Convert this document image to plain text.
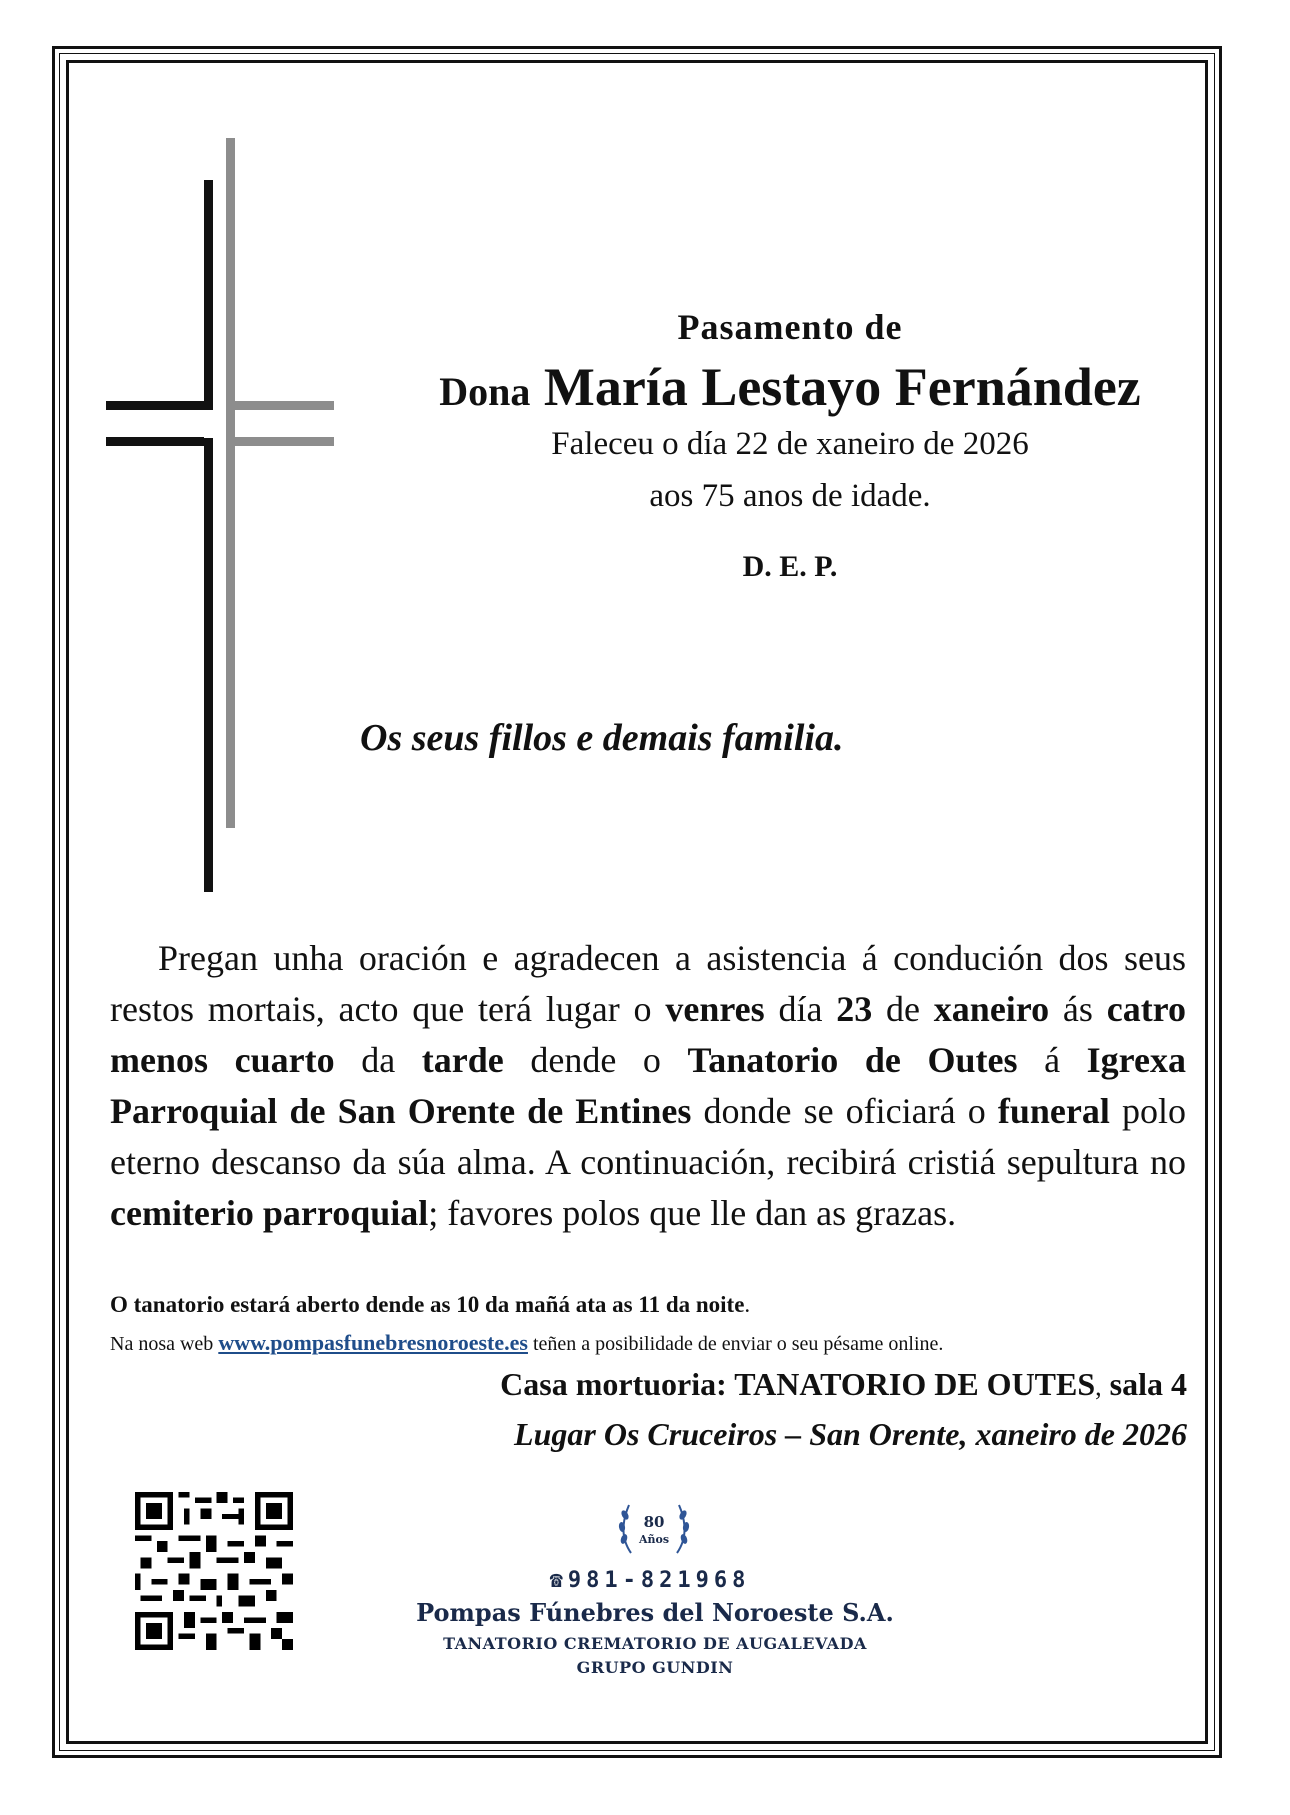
Pasamento de
Dona María Lestayo Fernández
Faleceu o día 22 de xaneiro de 2026
aos 75 anos de idade.
D. E. P.
Os seus fillos e demais familia.
Pregan unha oración e agradecen a asistencia á condución dos seus restos mortais, acto que terá lugar o venres día 23 de xaneiro ás catro menos cuarto da tarde dende o Tanatorio de Outes á Igrexa Parroquial de San Orente de Entines donde se oficiará o funeral polo eterno descanso da súa alma. A continuación, recibirá cristiá sepultura no cemiterio parroquial; favores polos que lle dan as grazas.
O tanatorio estará aberto dende as 10 da mañá ata as 11 da noite.
Na nosa web www.pompasfunebresnoroeste.es teñen a posibilidade de enviar o seu pésame online.
Casa mortuoria: TANATORIO DE OUTES, sala 4
Lugar Os Cruceiros – San Orente, xaneiro de 2026
80
Años
☎981-821968
Pompas Fúnebres del Noroeste S.A.
TANATORIO CREMATORIO DE AUGALEVADA
GRUPO GUNDIN
